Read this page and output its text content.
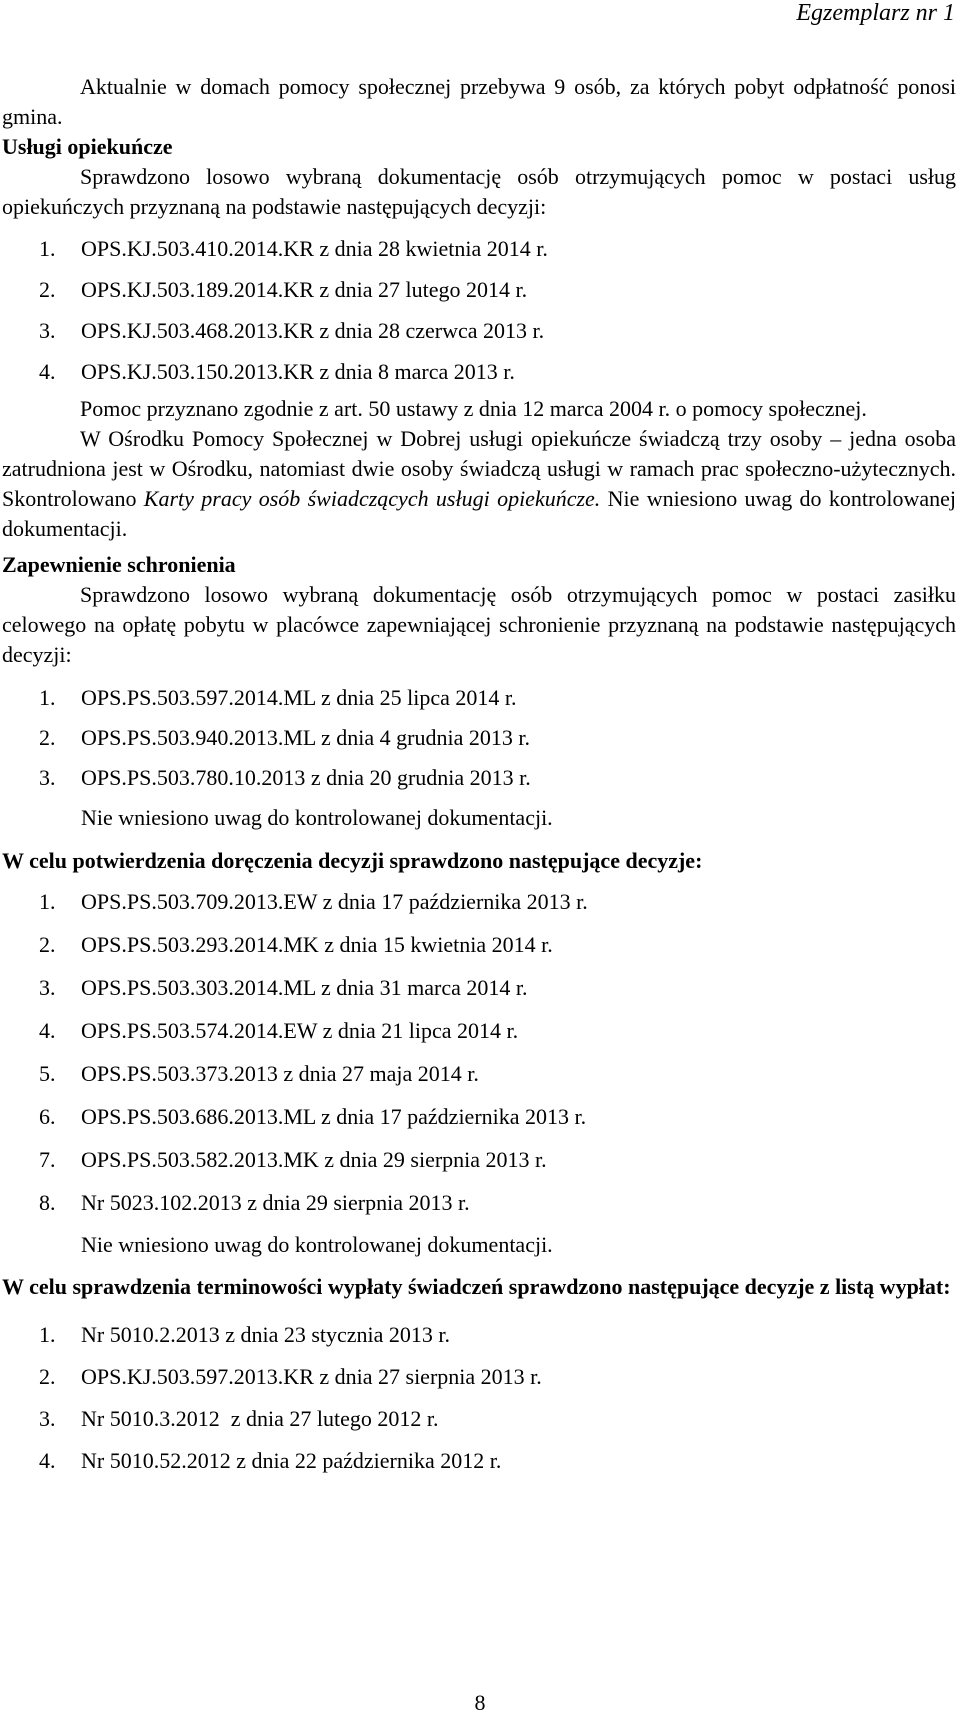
Egzemplarz nr 1

Aktualnie w domach pomocy społecznej przebywa 9 osób, za których pobyt odpłatność ponosi gmina.

Usługi opiekuńcze

Sprawdzono losowo wybraną dokumentację osób otrzymujących pomoc w postaci usług opiekuńczych przyznaną na podstawie następujących decyzji:

1. OPS.KJ.503.410.2014.KR z dnia 28 kwietnia 2014 r.
2. OPS.KJ.503.189.2014.KR z dnia 27 lutego 2014 r.
3. OPS.KJ.503.468.2013.KR z dnia 28 czerwca 2013 r.
4. OPS.KJ.503.150.2013.KR z dnia 8 marca 2013 r.

Pomoc przyznano zgodnie z art. 50 ustawy z dnia 12 marca 2004 r. o pomocy społecznej.

W Ośrodku Pomocy Społecznej w Dobrej usługi opiekuńcze świadczą trzy osoby – jedna osoba zatrudniona jest w Ośrodku, natomiast dwie osoby świadczą usługi w ramach prac społeczno-użytecznych. Skontrolowano Karty pracy osób świadczących usługi opiekuńcze. Nie wniesiono uwag do kontrolowanej dokumentacji.

Zapewnienie schronienia

Sprawdzono losowo wybraną dokumentację osób otrzymujących pomoc w postaci zasiłku celowego na opłatę pobytu w placówce zapewniającej schronienie przyznaną na podstawie następujących decyzji:

1. OPS.PS.503.597.2014.ML z dnia 25 lipca 2014 r.
2. OPS.PS.503.940.2013.ML z dnia 4 grudnia 2013 r.
3. OPS.PS.503.780.10.2013 z dnia 20 grudnia 2013 r.

Nie wniesiono uwag do kontrolowanej dokumentacji.

W celu potwierdzenia doręczenia decyzji sprawdzono następujące decyzje:

1. OPS.PS.503.709.2013.EW z dnia 17 października 2013 r.
2. OPS.PS.503.293.2014.MK z dnia 15 kwietnia 2014 r.
3. OPS.PS.503.303.2014.ML z dnia 31 marca 2014 r.
4. OPS.PS.503.574.2014.EW z dnia 21 lipca 2014 r.
5. OPS.PS.503.373.2013 z dnia 27 maja 2014 r.
6. OPS.PS.503.686.2013.ML z dnia 17 października 2013 r.
7. OPS.PS.503.582.2013.MK z dnia 29 sierpnia 2013 r.
8. Nr 5023.102.2013 z dnia 29 sierpnia 2013 r.

Nie wniesiono uwag do kontrolowanej dokumentacji.

W celu sprawdzenia terminowości wypłaty świadczeń sprawdzono następujące decyzje z listą wypłat:

1. Nr 5010.2.2013 z dnia 23 stycznia 2013 r.
2. OPS.KJ.503.597.2013.KR z dnia 27 sierpnia 2013 r.
3. Nr 5010.3.2012  z dnia 27 lutego 2012 r.
4. Nr 5010.52.2012 z dnia 22 października 2012 r.
8
